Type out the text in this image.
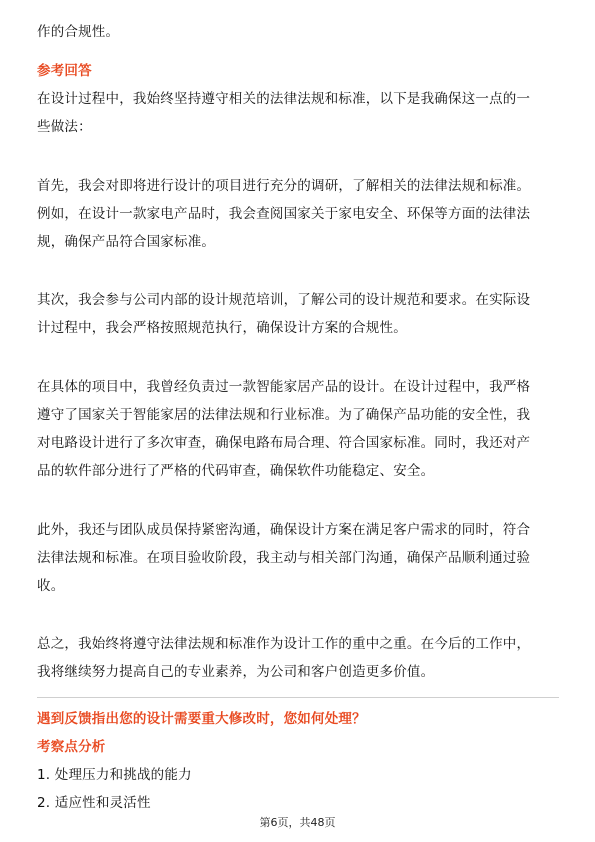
作的合规性。
参考回答
在设计过程中，我始终坚持遵守相关的法律法规和标准，以下是我确保这一点的一
些做法：
首先，我会对即将进行设计的项目进行充分的调研，了解相关的法律法规和标准。
例如，在设计一款家电产品时，我会查阅国家关于家电安全、环保等方面的法律法
规，确保产品符合国家标准。
其次，我会参与公司内部的设计规范培训，了解公司的设计规范和要求。在实际设
计过程中，我会严格按照规范执行，确保设计方案的合规性。
在具体的项目中，我曾经负责过一款智能家居产品的设计。在设计过程中，我严格
遵守了国家关于智能家居的法律法规和行业标准。为了确保产品功能的安全性，我
对电路设计进行了多次审查，确保电路布局合理、符合国家标准。同时，我还对产
品的软件部分进行了严格的代码审查，确保软件功能稳定、安全。
此外，我还与团队成员保持紧密沟通，确保设计方案在满足客户需求的同时，符合
法律法规和标准。在项目验收阶段，我主动与相关部门沟通，确保产品顺利通过验
收。
总之，我始终将遵守法律法规和标准作为设计工作的重中之重。在今后的工作中，
我将继续努力提高自己的专业素养，为公司和客户创造更多价值。
遇到反馈指出您的设计需要重大修改时，您如何处理？
考察点分析
1. 处理压力和挑战的能力
2. 适应性和灵活性
第6页，共48页
